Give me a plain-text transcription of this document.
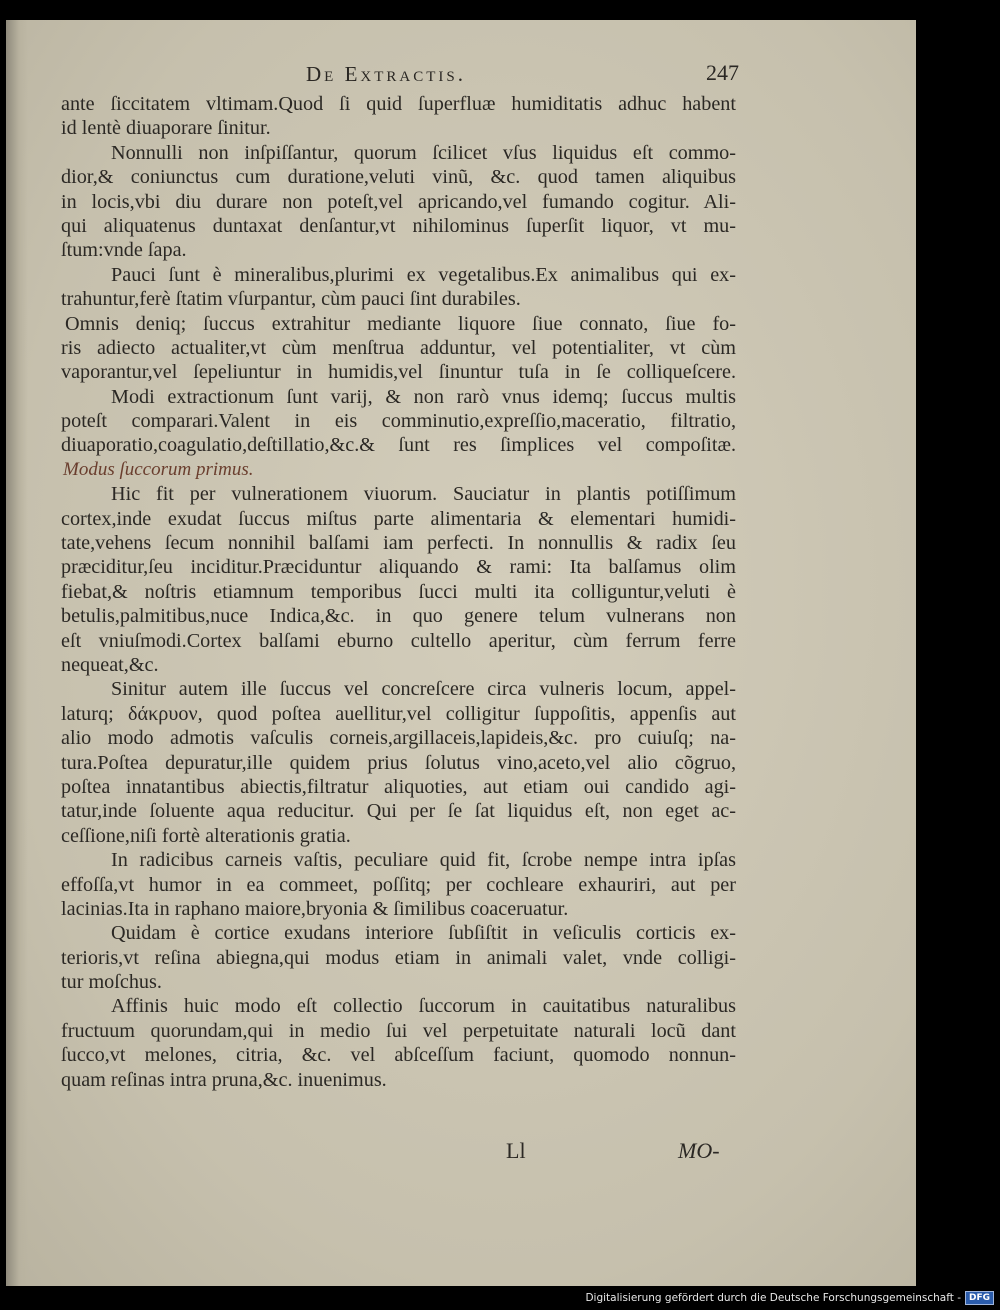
De Extractis.	247
ante ſiccitatem vltimam.Quod ſi quid ſuperfluæ humiditatis adhuc habent
id lentè diuaporare ſinitur.
Nonnulli non inſpiſſantur, quorum ſcilicet vſus liquidus eſt commo-
dior,& coniunctus cum duratione,veluti vinũ, &c. quod tamen aliquibus
in locis,vbi diu durare non poteſt,vel apricando,vel fumando cogitur. Ali-
qui aliquatenus duntaxat denſantur,vt nihilominus ſuperſit liquor, vt mu-
ſtum:vnde ſapa.
Pauci ſunt è mineralibus,plurimi ex vegetalibus.Ex animalibus qui ex-
trahuntur,ferè ſtatim vſurpantur, cùm pauci ſint durabiles.
Omnis deniq; ſuccus extrahitur mediante liquore ſiue connato, ſiue fo-
ris adiecto actualiter,vt cùm menſtrua adduntur, vel potentialiter, vt cùm
vaporantur,vel ſepeliuntur in humidis,vel ſinuntur tuſa in ſe colliqueſcere.
Modi extractionum ſunt varij, & non rarò vnus idemq; ſuccus multis
poteſt comparari.Valent in eis comminutio,expreſſio,maceratio, filtratio,
diuaporatio,coagulatio,deſtillatio,&c.& ſunt res ſimplices vel compoſitæ.
Modus ſuccorum primus.
Hic fit per vulnerationem viuorum. Sauciatur in plantis potiſſimum
cortex,inde exudat ſuccus miſtus parte alimentaria & elementari humidi-
tate,vehens ſecum nonnihil balſami iam perfecti. In nonnullis & radix ſeu
præciditur,ſeu inciditur.Præciduntur aliquando & rami: Ita balſamus olim
fiebat,& noſtris etiamnum temporibus ſucci multi ita colliguntur,veluti è
betulis,palmitibus,nuce Indica,&c. in quo genere telum vulnerans non
eſt vniuſmodi.Cortex balſami eburno cultello aperitur, cùm ferrum ferre
nequeat,&c.
Sinitur autem ille ſuccus vel concreſcere circa vulneris locum, appel-
laturq; δάκρυον, quod poſtea auellitur,vel colligitur ſuppoſitis, appenſis aut
alio modo admotis vaſculis corneis,argillaceis,lapideis,&c. pro cuiuſq; na-
tura.Poſtea depuratur,ille quidem prius ſolutus vino,aceto,vel alio cõgruo,
poſtea innatantibus abiectis,filtratur aliquoties, aut etiam oui candido agi-
tatur,inde ſoluente aqua reducitur. Qui per ſe ſat liquidus eſt, non eget ac-
ceſſione,niſi fortè alterationis gratia.
In radicibus carneis vaſtis, peculiare quid fit, ſcrobe nempe intra ipſas
effoſſa,vt humor in ea commeet, poſſitq; per cochleare exhauriri, aut per
lacinias.Ita in raphano maiore,bryonia & ſimilibus coaceruatur.
Quidam è cortice exudans interiore ſubſiſtit in veſiculis corticis ex-
terioris,vt reſina abiegna,qui modus etiam in animali valet, vnde colligi-
tur moſchus.
Affinis huic modo eſt collectio ſuccorum in cauitatibus naturalibus
fructuum quorundam,qui in medio ſui vel perpetuitate naturali locũ dant
ſucco,vt melones, citria, &c. vel abſceſſum faciunt, quomodo nonnun-
quam reſinas intra pruna,&c. inuenimus.
Ll	MO-
Digitalisierung gefördert durch die Deutsche Forschungsgemeinschaft - DFG
